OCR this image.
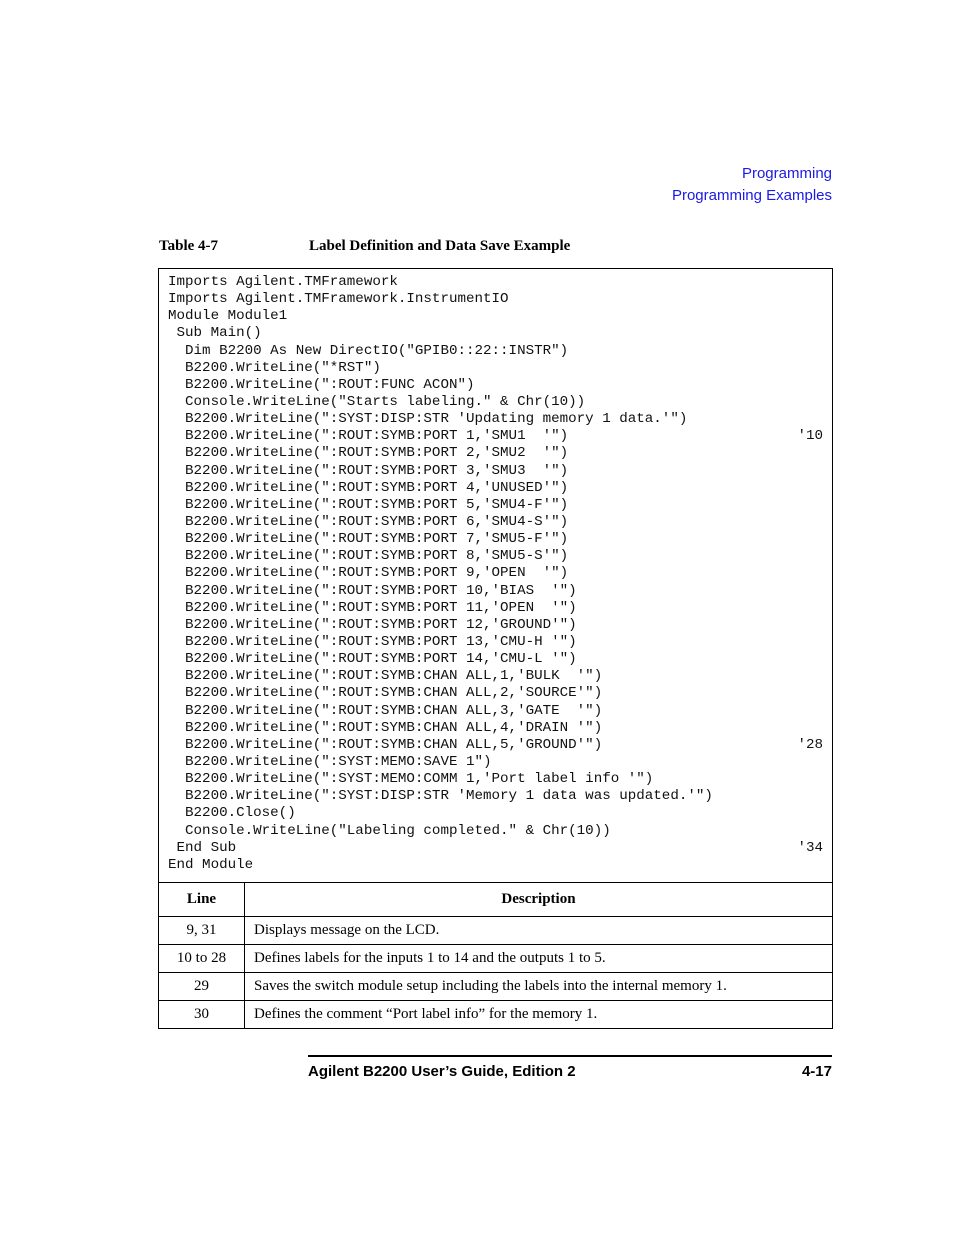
Programming
Programming Examples
Table 4-7	Label Definition and Data Save Example
Imports Agilent.TMFramework
Imports Agilent.TMFramework.InstrumentIO
Module Module1
Sub Main()
Dim B2200 As New DirectIO("GPIB0::22::INSTR")
B2200.WriteLine("*RST")
B2200.WriteLine(":ROUT:FUNC ACON")
Console.WriteLine("Starts labeling." & Chr(10))
B2200.WriteLine(":SYST:DISP:STR 'Updating memory 1 data.'")
B2200.WriteLine(":ROUT:SYMB:PORT 1,'SMU1  '")	'10
B2200.WriteLine(":ROUT:SYMB:PORT 2,'SMU2  '")
B2200.WriteLine(":ROUT:SYMB:PORT 3,'SMU3  '")
B2200.WriteLine(":ROUT:SYMB:PORT 4,'UNUSED'")
B2200.WriteLine(":ROUT:SYMB:PORT 5,'SMU4-F'")
B2200.WriteLine(":ROUT:SYMB:PORT 6,'SMU4-S'")
B2200.WriteLine(":ROUT:SYMB:PORT 7,'SMU5-F'")
B2200.WriteLine(":ROUT:SYMB:PORT 8,'SMU5-S'")
B2200.WriteLine(":ROUT:SYMB:PORT 9,'OPEN  '")
B2200.WriteLine(":ROUT:SYMB:PORT 10,'BIAS  '")
B2200.WriteLine(":ROUT:SYMB:PORT 11,'OPEN  '")
B2200.WriteLine(":ROUT:SYMB:PORT 12,'GROUND'")
B2200.WriteLine(":ROUT:SYMB:PORT 13,'CMU-H '")
B2200.WriteLine(":ROUT:SYMB:PORT 14,'CMU-L '")
B2200.WriteLine(":ROUT:SYMB:CHAN ALL,1,'BULK  '")
B2200.WriteLine(":ROUT:SYMB:CHAN ALL,2,'SOURCE'")
B2200.WriteLine(":ROUT:SYMB:CHAN ALL,3,'GATE  '")
B2200.WriteLine(":ROUT:SYMB:CHAN ALL,4,'DRAIN '")
B2200.WriteLine(":ROUT:SYMB:CHAN ALL,5,'GROUND'")	'28
B2200.WriteLine(":SYST:MEMO:SAVE 1")
B2200.WriteLine(":SYST:MEMO:COMM 1,'Port label info '")
B2200.WriteLine(":SYST:DISP:STR 'Memory 1 data was updated.'")
B2200.Close()
Console.WriteLine("Labeling completed." & Chr(10))
End Sub	'34
End Module
Line	Description
9, 31	Displays message on the LCD.
10 to 28	Defines labels for the inputs 1 to 14 and the outputs 1 to 5.
29	Saves the switch module setup including the labels into the internal memory 1.
30	Defines the comment “Port label info” for the memory 1.
Agilent B2200 User’s Guide, Edition 2	4-17
